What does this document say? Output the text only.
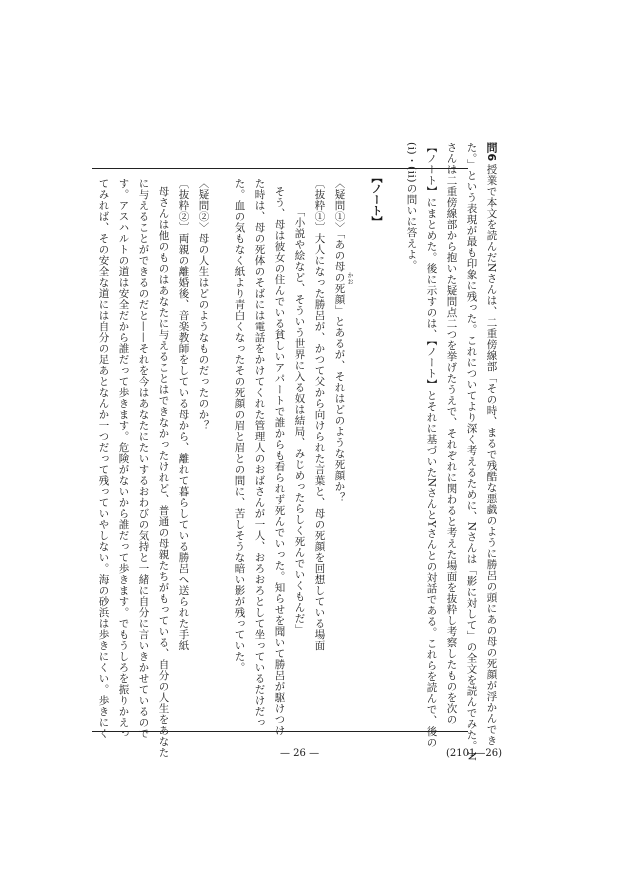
問6
授業で本文を読んだNさんは、二重傍線部「その時、まるで残酷な悪戯のように勝呂の頭にあの母の死顔が浮かんでき
た。」という表現が最も印象に残った。これについてより深く考えるために、Nさんは「影に対して」の全文を読んでみた。N
さんは二重傍線部から抱いた疑問点二つを挙げたうえで、それぞれに関わると考えた場面を抜粋し考察したものを次の
【ノート】にまとめた。後に示すのは、【ノート】とそれに基づいたNさんとYさんとの対話である。これらを読んで、後の
(i)・(ii)の問いに答えよ。
【ノート】
〈疑問①〉「あの母の死顔」とあるが、それはどのような死顔か？ かお
〔抜粋①〕大人になった勝呂が、かつて父から向けられた言葉と、母の死顔を回想している場面
「小説や絵など、そういう世界に入る奴は結局、みじめったらしく死んでいくもんだ」
そう、母は彼女の住んでいる貧しいアパートで誰からも看られず死んでいった。知らせを聞いて勝呂が駆けつけ
た時は、母の死体のそばには電話をかけてくれた管理人のおばさんが一人、おろおろとして坐っているだけだっ
た。血の気もなく紙より青白くなったその死顔の眉と眉との間に、苦しそうな暗い影が残っていた。
〈疑問②〉母の人生はどのようなものだったのか？
〔抜粋②〕両親の離婚後、音楽教師をしている母から、離れて暮らしている勝呂へ送られた手紙
母さんは他のものはあなたに与えることはできなかったけれど、普通の母親たちがもっている、自分の人生をあなた
に与えることができるのだと——それを今はあなたにたいするおわびの気持と一緒に自分に言いきかせているので
す。アスハルトの道は安全だから誰だって歩きます。危険がないから誰だって歩きます。でもうしろを振りかえっ
てみれば、その安全な道には自分の足あとなんか一つだって残っていやしない。海の砂浜は歩きにくい。歩きにく
— 26 —	(2101—26)
